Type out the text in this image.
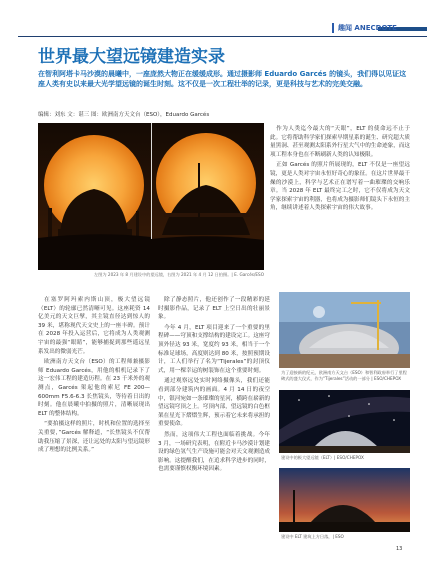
趣闻 ANECDOTE
世界最大望远镜建造实录

在智利阿塔卡马沙漠的晨曦中，一座庞然大物正在缓缓成形。通过摄影师 Eduardo Garcés 的镜头，我们得以见证这座人类有史以来最大光学望远镜的诞生时刻。这不仅是一次工程壮举的记录，更是科技与艺术的完美交融。

编辑：刘东 文：谌三 图：欧洲南方天文台（ESO），Eduardo Garcés

左图为 2023 年 8 月建设中的望远镜，右图为 2021 年 4 月 12 日拍摄。| E. Garcés/ESO

作为人类迄今最大的“天眼”，ELT 的使命远不止于此。它将帮助科学家们探索早期星系的诞生、研究超大质量黑洞、甚至观测太阳系外行星大气中的生命迹象，而这项工程本身也在不断刷新人类的认知极限。

正如 Garcés 的照片所展现的，ELT 不仅是一座望远镜，更是人类对宇宙永恒好奇心的象征。在这片世界最干燥的沙漠上，科学与艺术正在谱写着一曲璀璨的交响乐章。当 2028 年 ELT 最终完工之时，它不仅将成为天文学家探索宇宙的利器，也将成为摄影师们镜头下永恒的主角，继续讲述着人类探索宇宙的伟大故事。

在塞罗阿玛索内斯山顶，极大望远镜（ELT）的轮廓已然清晰可见。这座耗资 14 亿美元的天文巨擘，其主镜直径达到惊人的 39 米，堪称现代天文史上的一座丰碑。预计在 2028 年投入运营后，它将成为人类观测宇宙的最强“眼睛”，能够捕捉到那些遥远星系发出的微弱光芒。

欧洲南方天文台（ESO）的工程师兼摄影师 Eduardo Garcés，用他的相机记录下了这一宏伟工程的建造历程。在 23 千米外的观测点，Garcés 架起他的索尼 FE 200—600mm F5.6-6.3 长焦镜头，等待着日出的时刻。他在晨曦中拍摄的照片，清晰展现出 ELT 的整体结构。

“要拍摄这样的照片，时机和位置的选择至关重要，”Garcés 解释道，“长焦镜头不仅帮助我压缩了景深，还让远处的太阳与望远镜形成了理想的比例关系。”

除了静态照片，他还创作了一段精彩的延时摄影作品，记录了 ELT 上空日出的壮丽景象。

今年 4 月，ELT 项目迎来了一个重要的里程碑——穹顶和支撑结构的建设完工。这座穹顶外径达 93 米，宽度约 93 米，相当于一个标准足球场，高度则达到 80 米，按照预期设计，工人们举行了名为“Tijerales”的封顶仪式，用一棵幸运的树装饰在这个重要时刻。

通过观察远处实时网络摄像头，我们还能看到部分建筑内的画面。4 月 14 日的夜空中，银河宛如一条璀璨的星河，横跨在崭新的望远镜穹顶之上。穹顶内部，望远镜的白色框架在星光下熠熠生辉，预示着它未来将承担的重要使命。

然而，这项伟大工程也面临着挑战。今年 3 月，一场研究表明，在附近卡马沙漠计划建设的绿色氢气生产设施可能会对天文观测造成影响。这提醒我们，在追求科学进步的同时，也需要谨慎权衡环境因素。

为了迎接新的纪元，欧洲南方天文台（ESO）和智利政府举行了里程碑式的盛大仪式，作为“Tijerales”活动的一部分 | ESO/CHEPOX

建设中的极大望远镜（ELT）| ESO/CHEPOX

建设中 ELT 建筑上方日落，| ESO

13
